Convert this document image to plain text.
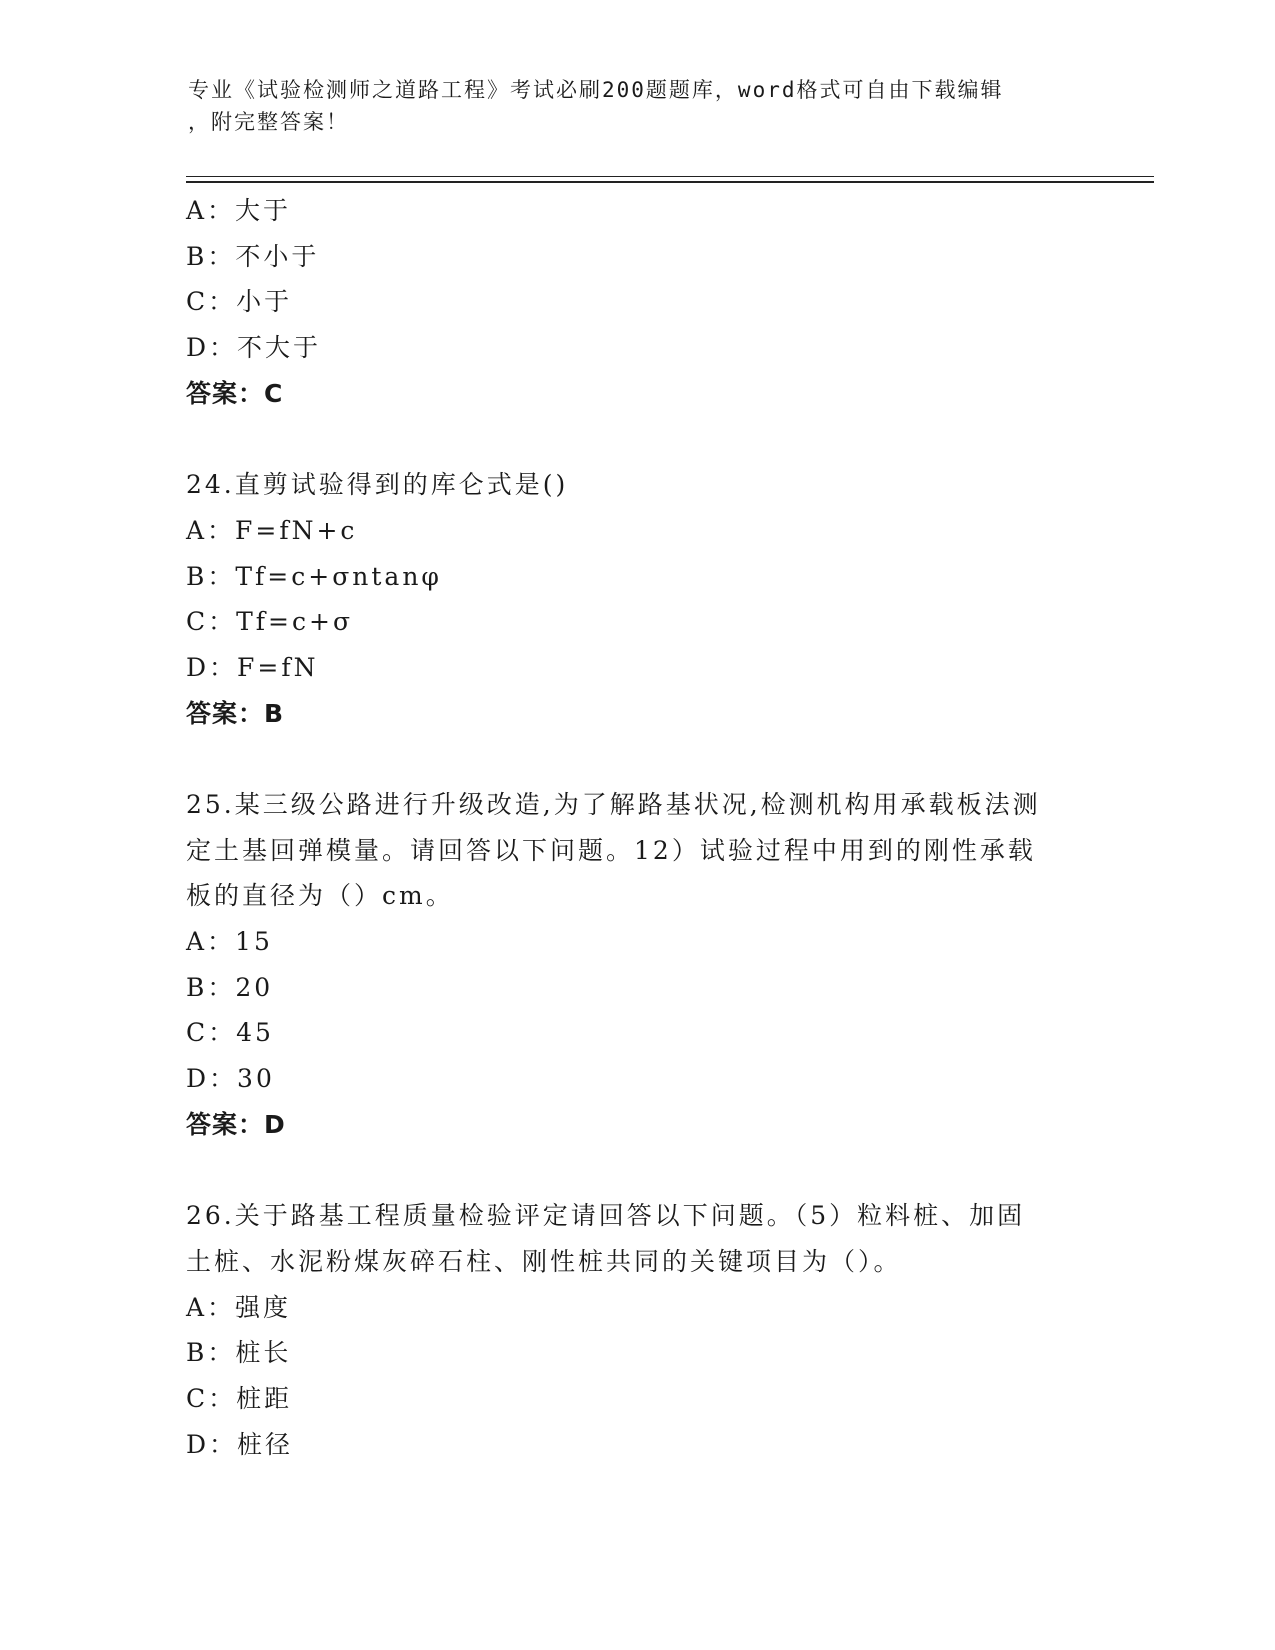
专业《试验检测师之道路工程》考试必刷200题题库，word格式可自由下载编辑
，附完整答案！
A：大于
B：不小于
C：小于
D：不大于
答案：C
24.直剪试验得到的库仑式是()
A：F=fN+c
B：Tf=c+σntanφ
C：Tf=c+σ
D：F=fN
答案：B
25.某三级公路进行升级改造,为了解路基状况,检测机构用承载板法测
定土基回弹模量。请回答以下问题。12）试验过程中用到的刚性承载
板的直径为（）cm。
A：15
B：20
C：45
D：30
答案：D
26.关于路基工程质量检验评定请回答以下问题。（5）粒料桩、加固
土桩、水泥粉煤灰碎石柱、刚性桩共同的关键项目为（）。
A：强度
B：桩长
C：桩距
D：桩径
